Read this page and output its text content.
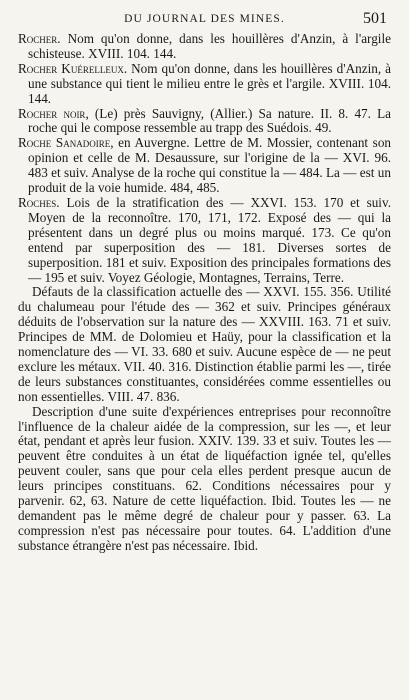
DU JOURNAL DES MINES.	501

Rocher. Nom qu'on donne, dans les houillères d'Anzin, à l'argile schisteuse. XVIII. 104. 144.

Rocher Kuérelleux. Nom qu'on donne, dans les houillères d'Anzin, à une substance qui tient le milieu entre le grès et l'argile. XVIII. 104. 144.

Rocher noir, (Le) près Sauvigny, (Allier.) Sa nature. II. 8. 47. La roche qui le compose ressemble au trapp des Suédois. 49.

Roche Sanadoire, en Auvergne. Lettre de M. Mossier, contenant son opinion et celle de M. Desaussure, sur l'origine de la — XVI. 96. 483 et suiv. Analyse de la roche qui constitue la — 484. La — est un produit de la voie humide. 484, 485.

Roches. Lois de la stratification des — XXVI. 153. 170 et suiv. Moyen de la reconnoître. 170, 171, 172. Exposé des — qui la présentent dans un degré plus ou moins marqué. 173. Ce qu'on entend par superposition des — 181. Diverses sortes de superposition. 181 et suiv. Exposition des principales formations des — 195 et suiv. Voyez Géologie, Montagnes, Terrains, Terre.

Défauts de la classification actuelle des — XXVI. 155. 356. Utilité du chalumeau pour l'étude des — 362 et suiv. Principes généraux déduits de l'observation sur la nature des — XXVIII. 163. 71 et suiv. Principes de MM. de Dolomieu et Haüy, pour la classification et la nomenclature des — VI. 33. 680 et suiv. Aucune espèce de — ne peut exclure les métaux. VII. 40. 316. Distinction établie parmi les —, tirée de leurs substances constituantes, considérées comme essentielles ou non essentielles. VIII. 47. 836.

Description d'une suite d'expériences entreprises pour reconnoître l'influence de la chaleur aidée de la compression, sur les —, et leur état, pendant et après leur fusion. XXIV. 139. 33 et suiv. Toutes les — peuvent être conduites à un état de liquéfaction ignée tel, qu'elles peuvent couler, sans que pour cela elles perdent presque aucun de leurs principes constituans. 62. Conditions nécessaires pour y parvenir. 62, 63. Nature de cette liquéfaction. Ibid. Toutes les — ne demandent pas le même degré de chaleur pour y passer. 63. La compression n'est pas nécessaire pour toutes. 64. L'addition d'une substance étrangère n'est pas nécessaire. Ibid.
